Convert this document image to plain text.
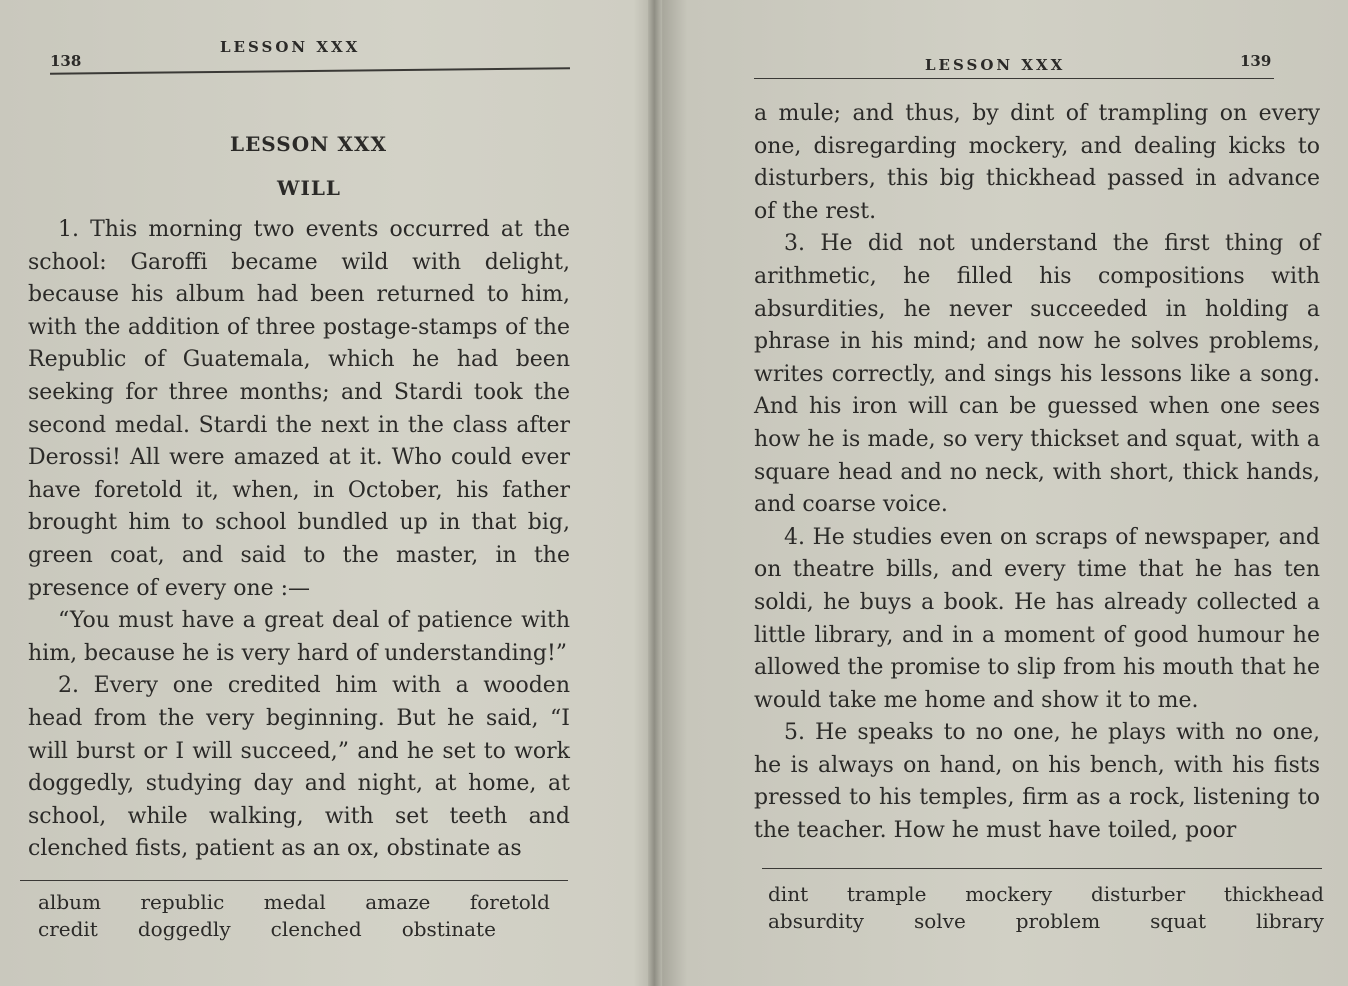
138
LESSON XXX
LESSON XXX
WILL

1. This morning two events occurred at the school: Garoffi became wild with delight, because his album had been returned to him, with the addition of three postage-stamps of the Republic of Guatemala, which he had been seeking for three months; and Stardi took the second medal. Stardi the next in the class after Derossi! All were amazed at it. Who could ever have foretold it, when, in October, his father brought him to school bundled up in that big, green coat, and said to the master, in the presence of every one :—

“You must have a great deal of patience with him, because he is very hard of understanding!”

2. Every one credited him with a wooden head from the very beginning. But he said, “I will burst or I will succeed,” and he set to work doggedly, studying day and night, at home, at school, while walking, with set teeth and clenched fists, patient as an ox, obstinate as

album republic medal amaze foretold
credit doggedly clenched obstinate
LESSON XXX	139

a mule; and thus, by dint of trampling on every one, disregarding mockery, and dealing kicks to disturbers, this big thickhead passed in advance of the rest.

3. He did not understand the first thing of arithmetic, he filled his compositions with absurdities, he never succeeded in holding a phrase in his mind; and now he solves problems, writes correctly, and sings his lessons like a song. And his iron will can be guessed when one sees how he is made, so very thickset and squat, with a square head and no neck, with short, thick hands, and coarse voice.

4. He studies even on scraps of newspaper, and on theatre bills, and every time that he has ten soldi, he buys a book. He has already collected a little library, and in a moment of good humour he allowed the promise to slip from his mouth that he would take me home and show it to me.

5. He speaks to no one, he plays with no one, he is always on hand, on his bench, with his fists pressed to his temples, firm as a rock, listening to the teacher. How he must have toiled, poor

dint trample mockery disturber thickhead
absurdity solve problem squat library
